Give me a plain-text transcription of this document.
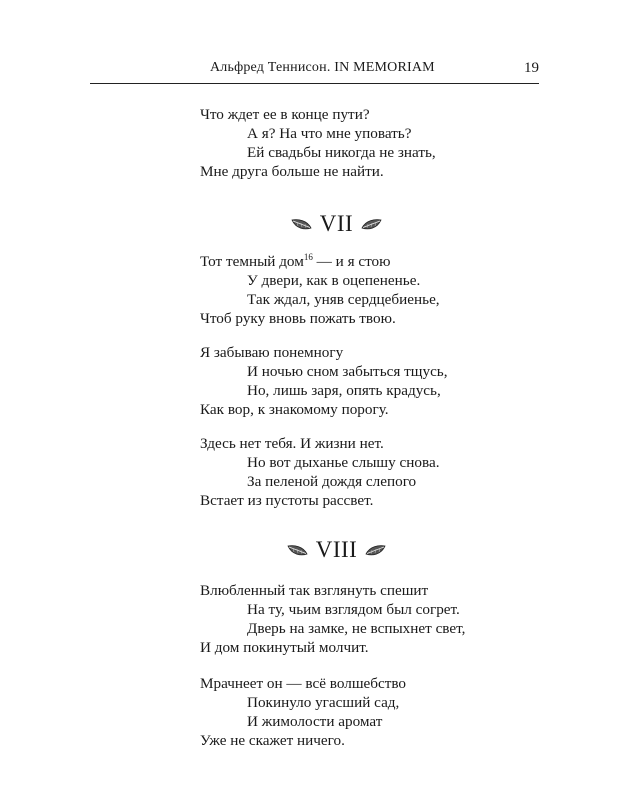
Альфред Теннисон. IN MEMORIAM	19
Что ждет ее в конце пути?
А я? На что мне уповать?
Ей свадьбы никогда не знать,
Мне друга больше не найти.
VII
Тот темный дом$^{16}$ — и я стою
У двери, как в оцепененье.
Так ждал, уняв сердцебиенье,
Чтоб руку вновь пожать твою.
Я забываю понемногу
И ночью сном забыться тщусь,
Но, лишь заря, опять крадусь,
Как вор, к знакомому порогу.
Здесь нет тебя. И жизни нет.
Но вот дыханье слышу снова.
За пеленой дождя слепого
Встает из пустоты рассвет.
VIII
Влюбленный так взглянуть спешит
На ту, чьим взглядом был согрет.
Дверь на замке, не вспыхнет свет,
И дом покинутый молчит.
Мрачнеет он — всё волшебство
Покинуло угасший сад,
И жимолости аромат
Уже не скажет ничего.
